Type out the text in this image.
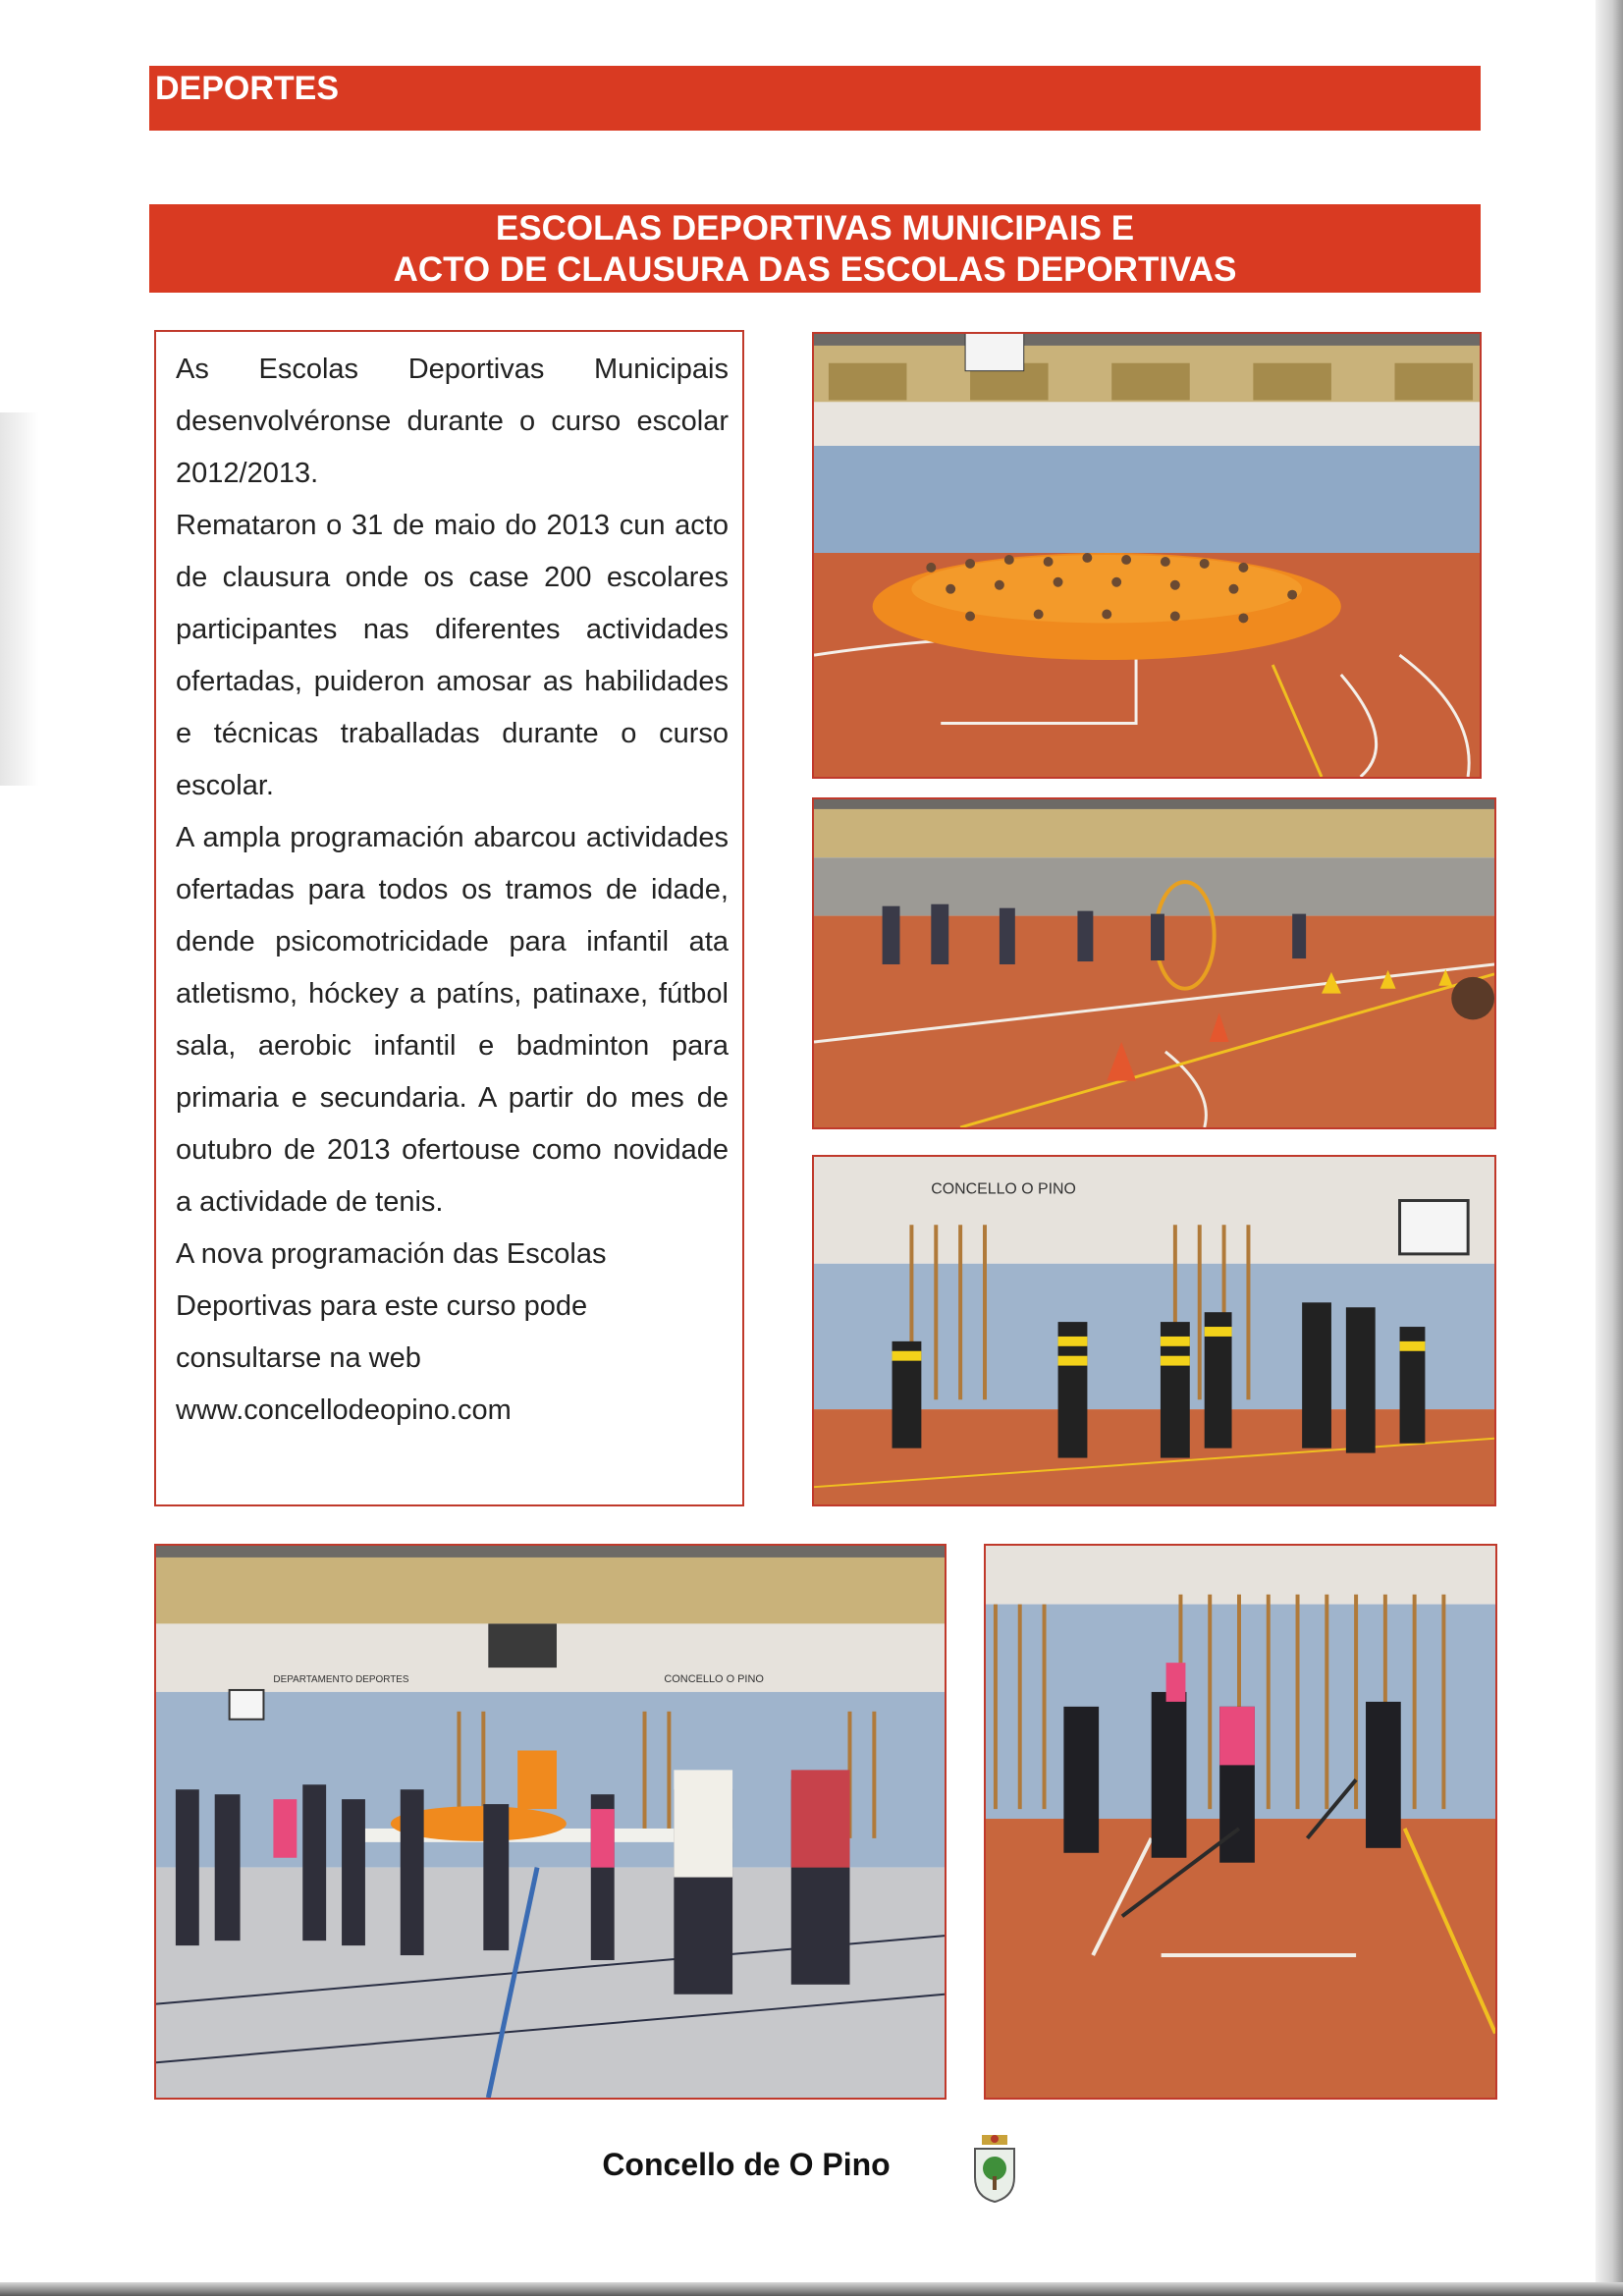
DEPORTES
ESCOLAS DEPORTIVAS MUNICIPAIS E
ACTO DE CLAUSURA DAS ESCOLAS DEPORTIVAS

As Escolas Deportivas Municipais desenvolvéronse durante o curso escolar 2012/2013.

Remataron o 31 de maio do 2013 cun acto de clausura onde os case 200 escolares participantes nas diferentes actividades ofertadas, puideron amosar as habilidades e técnicas traballadas durante o curso escolar.

A ampla programación abarcou actividades ofertadas para todos os tramos de idade, dende psicomotricidade para infantil ata atletismo, hóckey a patíns, patinaxe, fútbol sala, aerobic infantil e badminton para primaria e secundaria. A partir do mes de outubro de 2013 ofertouse como novidade a actividade de tenis.

A nova programación das Escolas Deportivas para este curso pode consultarse na web www.concellodeopino.com

CONCELLO O PINO
DEPARTAMENTO DEPORTES	CONCELLO O PINO
Concello de O Pino
